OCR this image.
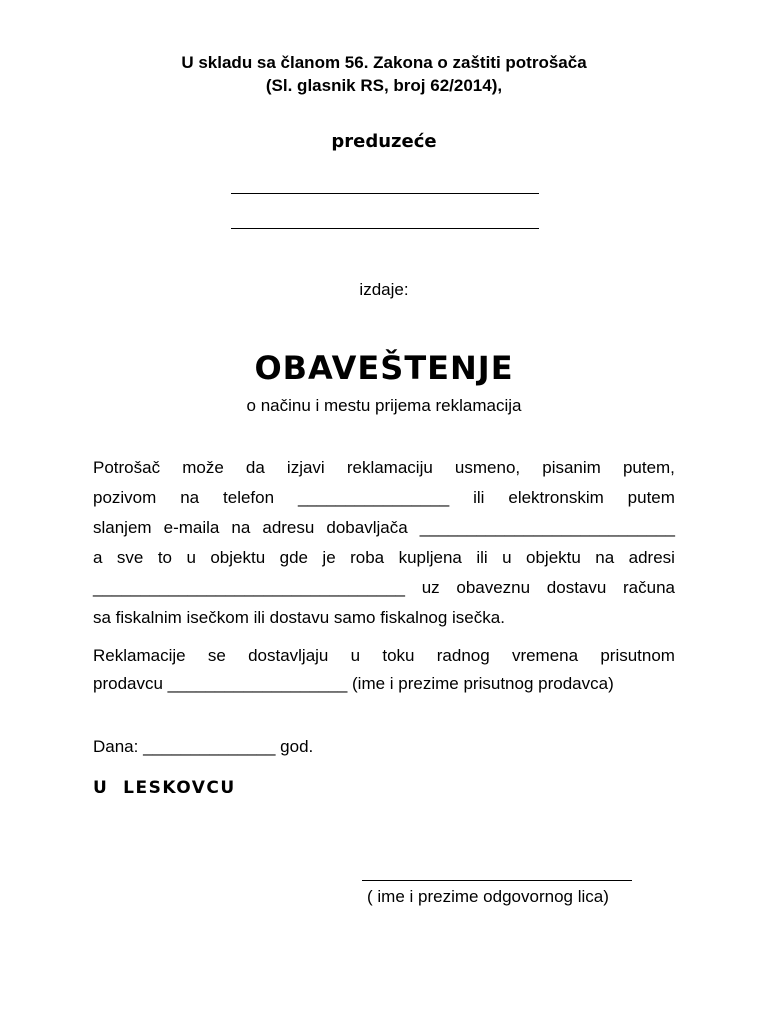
U skladu sa članom 56. Zakona o zaštiti potrošača
(Sl. glasnik RS, broj 62/2014),
preduzeće
izdaje:
OBAVEŠTENJE
o načinu i mestu prijema reklamacija
Potrošač može da izjavi reklamaciju usmeno, pisanim putem,
pozivom na telefon ________________ ili elektronskim putem
slanjem e-maila na adresu dobavljača ___________________________
a sve to u objektu gde je roba kupljena ili u objektu na adresi
_________________________________ uz obaveznu dostavu računa
sa fiskalnim isečkom ili dostavu samo fiskalnog isečka.
Reklamacije se dostavljaju u toku radnog vremena prisutnom
prodavcu ___________________ (ime i prezime prisutnog prodavca)
Dana: ______________ god.
U  LESKOVCU
( ime i prezime odgovornog lica)
